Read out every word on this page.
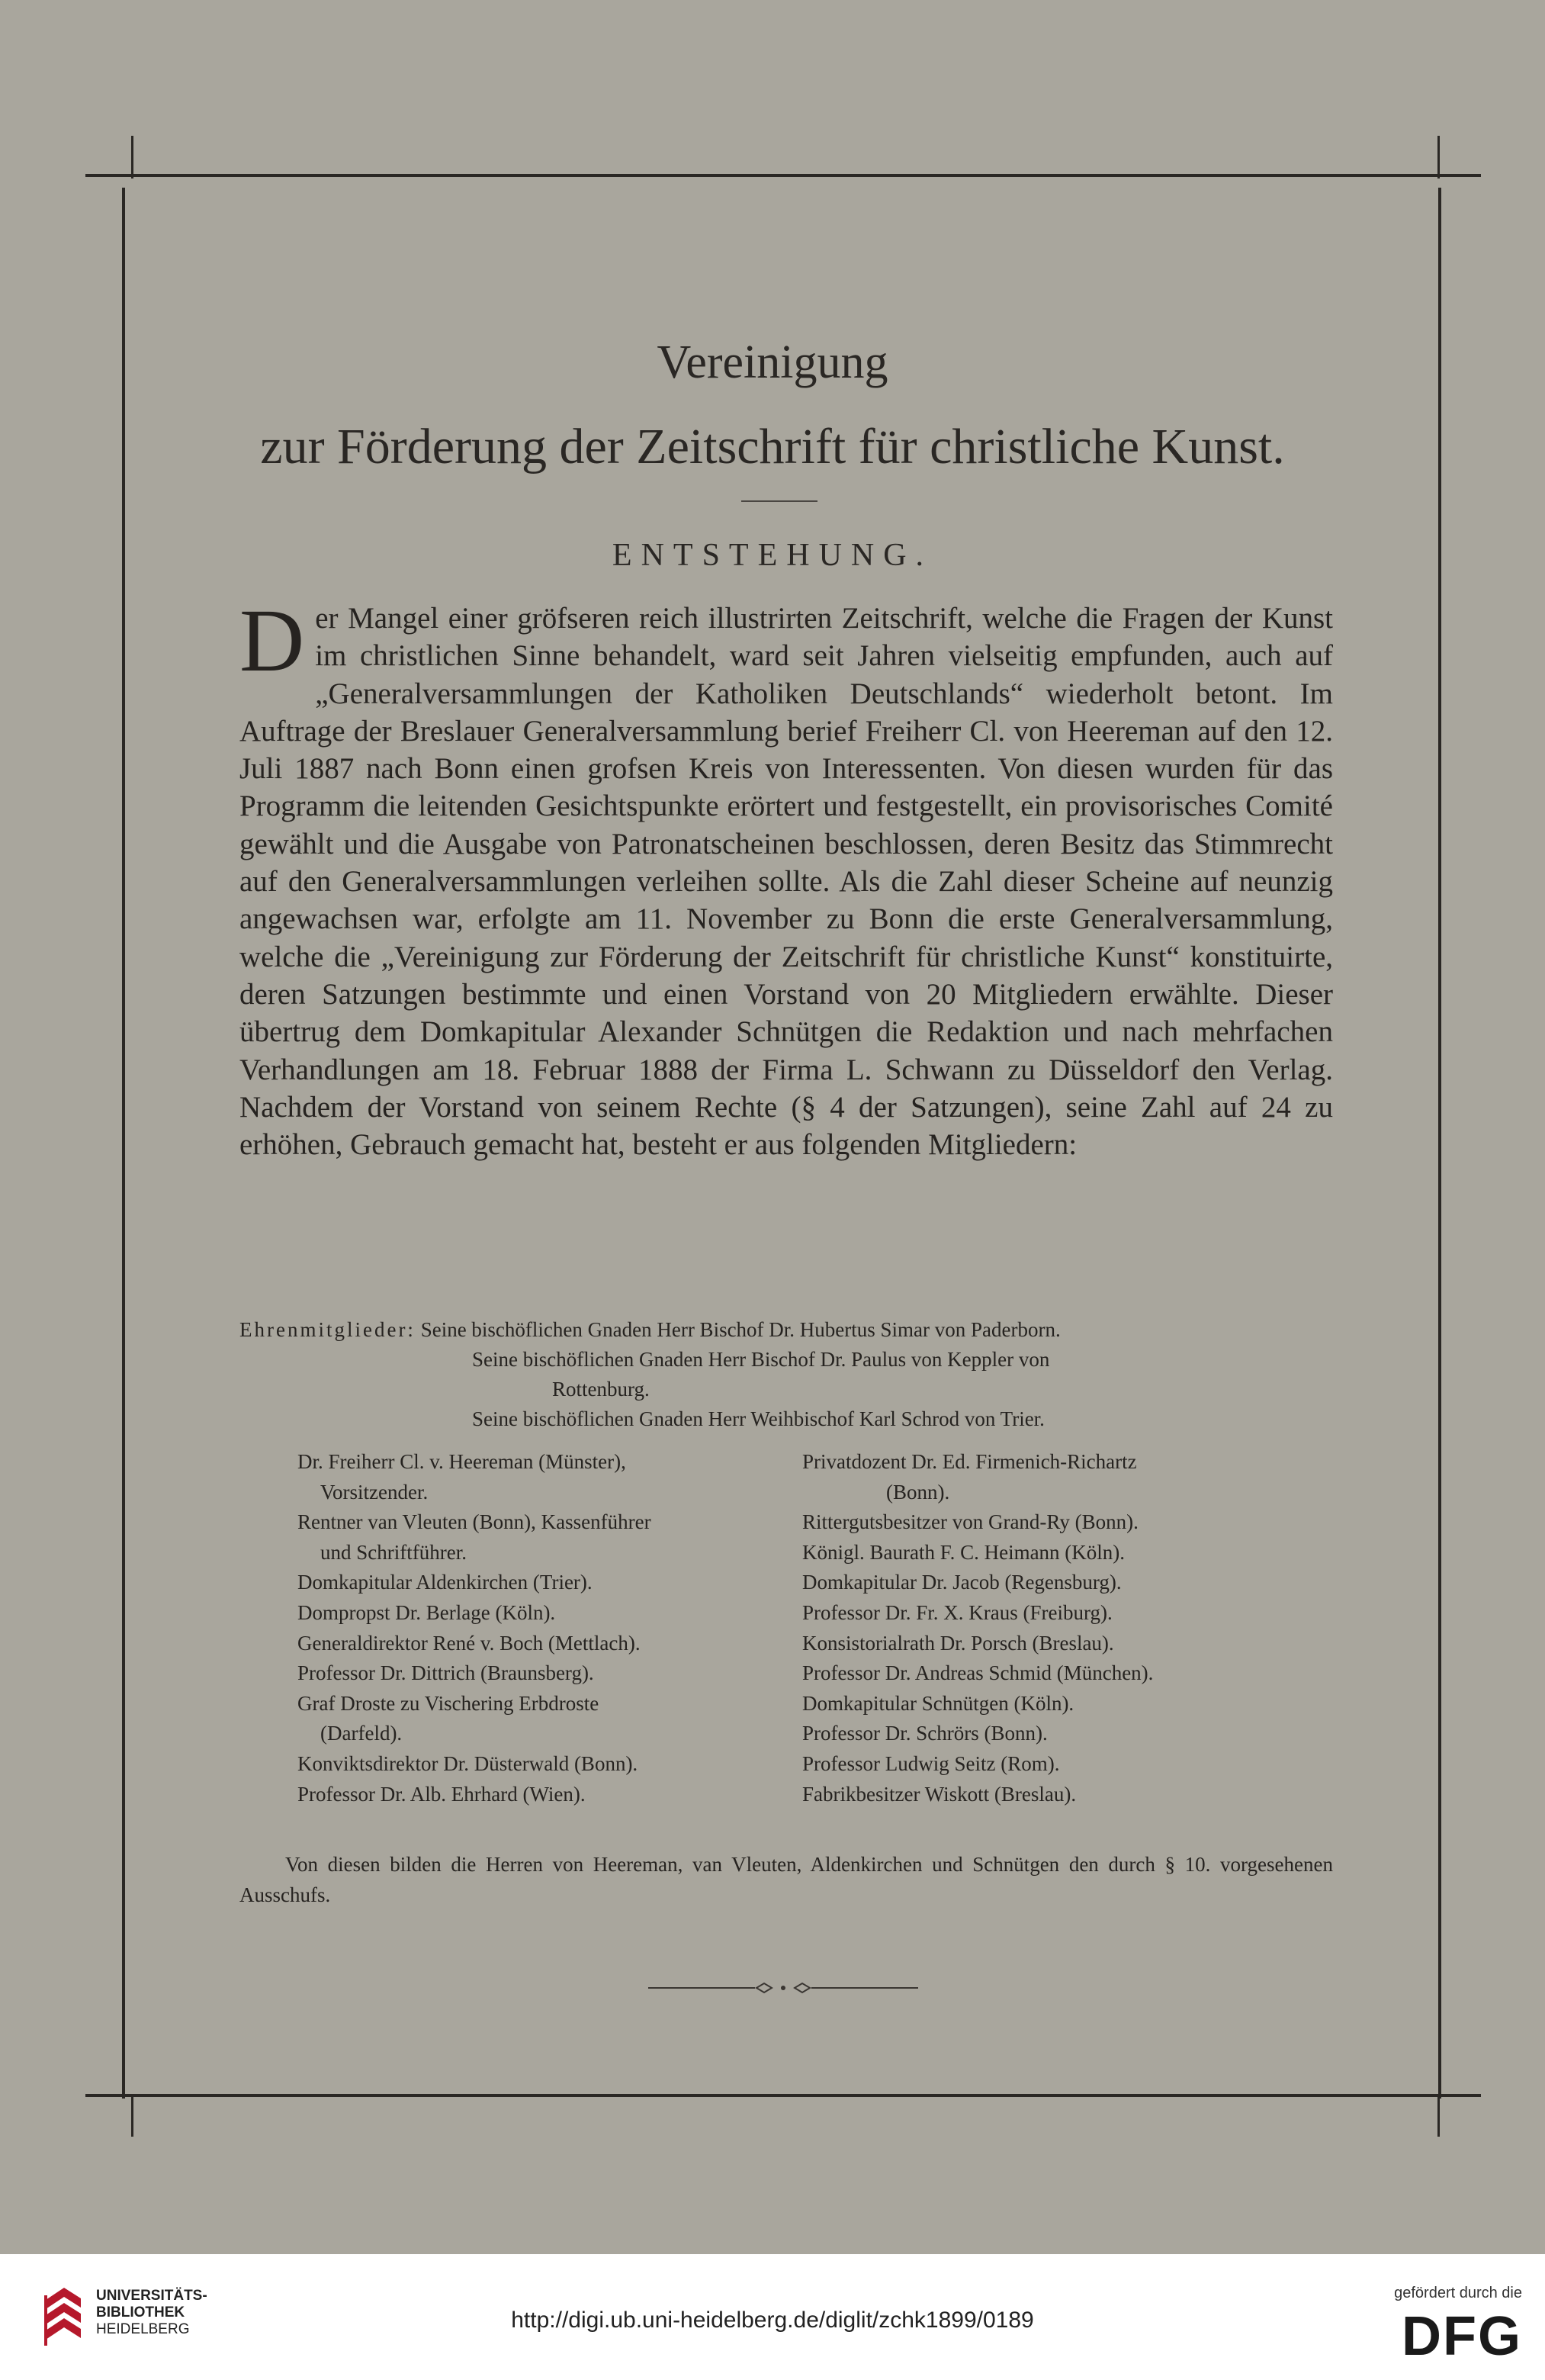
Vereinigung
zur Förderung der Zeitschrift für christliche Kunst.
ENTSTEHUNG.
Der Mangel einer gröfseren reich illustrirten Zeitschrift, welche die Fragen der Kunst im christlichen Sinne behandelt, ward seit Jahren vielseitig empfunden, auch auf „Generalversammlungen der Katholiken Deutschlands“ wiederholt betont. Im Auftrage der Breslauer Generalversammlung berief Freiherr Cl. von Heereman auf den 12. Juli 1887 nach Bonn einen grofsen Kreis von Interessenten. Von diesen wurden für das Programm die leitenden Gesichtspunkte erörtert und festgestellt, ein provisorisches Comité gewählt und die Ausgabe von Patronatscheinen beschlossen, deren Besitz das Stimmrecht auf den Generalversammlungen verleihen sollte. Als die Zahl dieser Scheine auf neunzig angewachsen war, erfolgte am 11. November zu Bonn die erste Generalversammlung, welche die „Vereinigung zur Förderung der Zeitschrift für christliche Kunst“ konstituirte, deren Satzungen bestimmte und einen Vorstand von 20 Mitgliedern erwählte. Dieser übertrug dem Domkapitular Alexander Schnütgen die Redaktion und nach mehrfachen Verhandlungen am 18. Februar 1888 der Firma L. Schwann zu Düsseldorf den Verlag. Nachdem der Vorstand von seinem Rechte (§ 4 der Satzungen), seine Zahl auf 24 zu erhöhen, Gebrauch gemacht hat, besteht er aus folgenden Mitgliedern:
Ehrenmitglieder: Seine bischöflichen Gnaden Herr Bischof Dr. Hubertus Simar von Paderborn.
Seine bischöflichen Gnaden Herr Bischof Dr. Paulus von Keppler von
Rottenburg.
Seine bischöflichen Gnaden Herr Weihbischof Karl Schrod von Trier.
Dr. Freiherr Cl. v. Heereman (Münster),
Vorsitzender.
Rentner van Vleuten (Bonn), Kassenführer
und Schriftführer.
Domkapitular Aldenkirchen (Trier).
Dompropst Dr. Berlage (Köln).
Generaldirektor René v. Boch (Mettlach).
Professor Dr. Dittrich (Braunsberg).
Graf Droste zu Vischering Erbdroste
(Darfeld).
Konviktsdirektor Dr. Düsterwald (Bonn).
Professor Dr. Alb. Ehrhard (Wien).
Privatdozent Dr. Ed. Firmenich-Richartz
(Bonn).
Rittergutsbesitzer von Grand-Ry (Bonn).
Königl. Baurath F. C. Heimann (Köln).
Domkapitular Dr. Jacob (Regensburg).
Professor Dr. Fr. X. Kraus (Freiburg).
Konsistorialrath Dr. Porsch (Breslau).
Professor Dr. Andreas Schmid (München).
Domkapitular Schnütgen (Köln).
Professor Dr. Schrörs (Bonn).
Professor Ludwig Seitz (Rom).
Fabrikbesitzer Wiskott (Breslau).
Von diesen bilden die Herren von Heereman, van Vleuten, Aldenkirchen und Schnütgen den durch § 10. vorgesehenen Ausschufs.
UNIVERSITÄTS-
BIBLIOTHEK
HEIDELBERG	http://digi.ub.uni-heidelberg.de/diglit/zchk1899/0189
gefördert durch die
DFG
